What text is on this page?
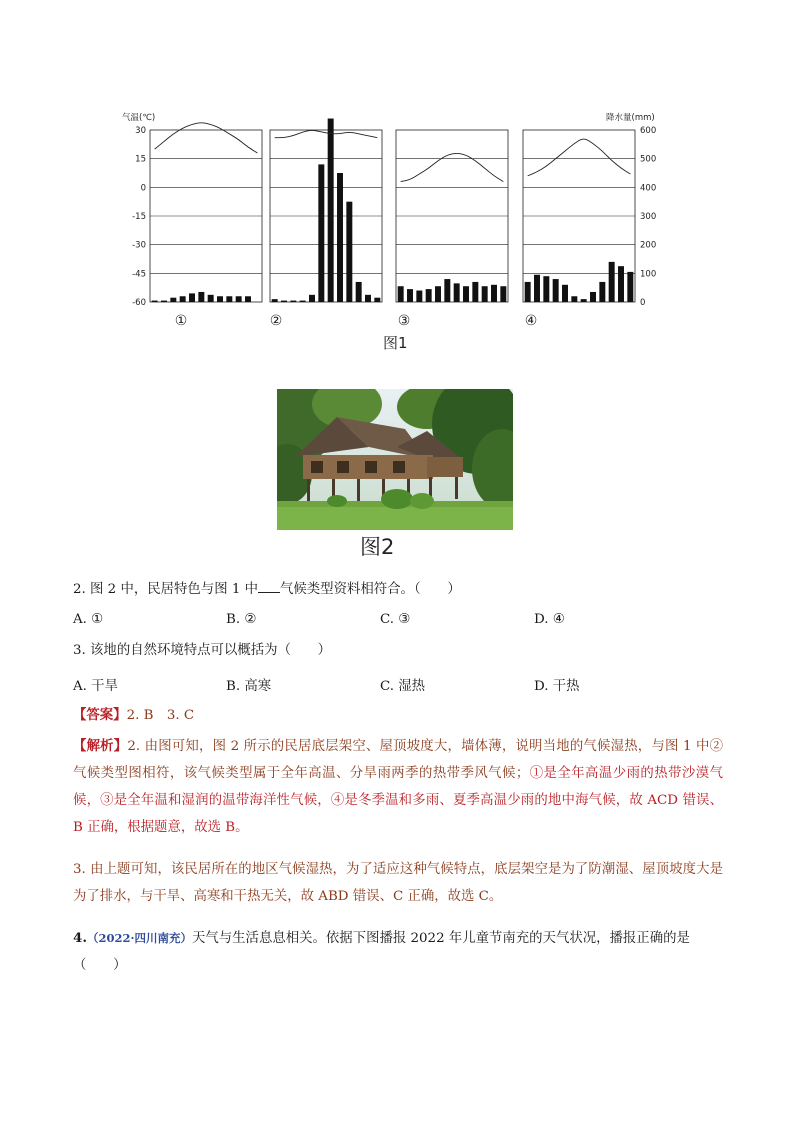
气温(℃)	降水量(mm)
30
15
0
-15
-30
-45
-60
600
500
400
300
200
100
0
①	②	③	④
图1
图2
2. 图 2 中，民居特色与图 1 中 气候类型资料相符合。（　　）
A. ①	B. ②	C. ③	D. ④
3. 该地的自然环境特点可以概括为（　　）
A. 干旱	B. 高寒	C. 湿热	D. 干热
【答案】2. B　3. C
【解析】2. 由图可知，图 2 所示的民居底层架空、屋顶坡度大，墙体薄，说明当地的气候湿热，与图 1 中②气候类型图相符，该气候类型属于全年高温、分旱雨两季的热带季风气候；①是全年高温少雨的热带沙漠气候，③是全年温和湿润的温带海洋性气候，④是冬季温和多雨、夏季高温少雨的地中海气候，故 ACD 错误、B 正确，根据题意，故选 B。
3. 由上题可知，该民居所在的地区气候湿热，为了适应这种气候特点，底层架空是为了防潮湿、屋顶坡度大是为了排水，与干旱、高寒和干热无关，故 ABD 错误、C 正确，故选 C。
4.（2022·四川南充）天气与生活息息相关。依据下图播报 2022 年儿童节南充的天气状况，播报正确的是
（　　）
